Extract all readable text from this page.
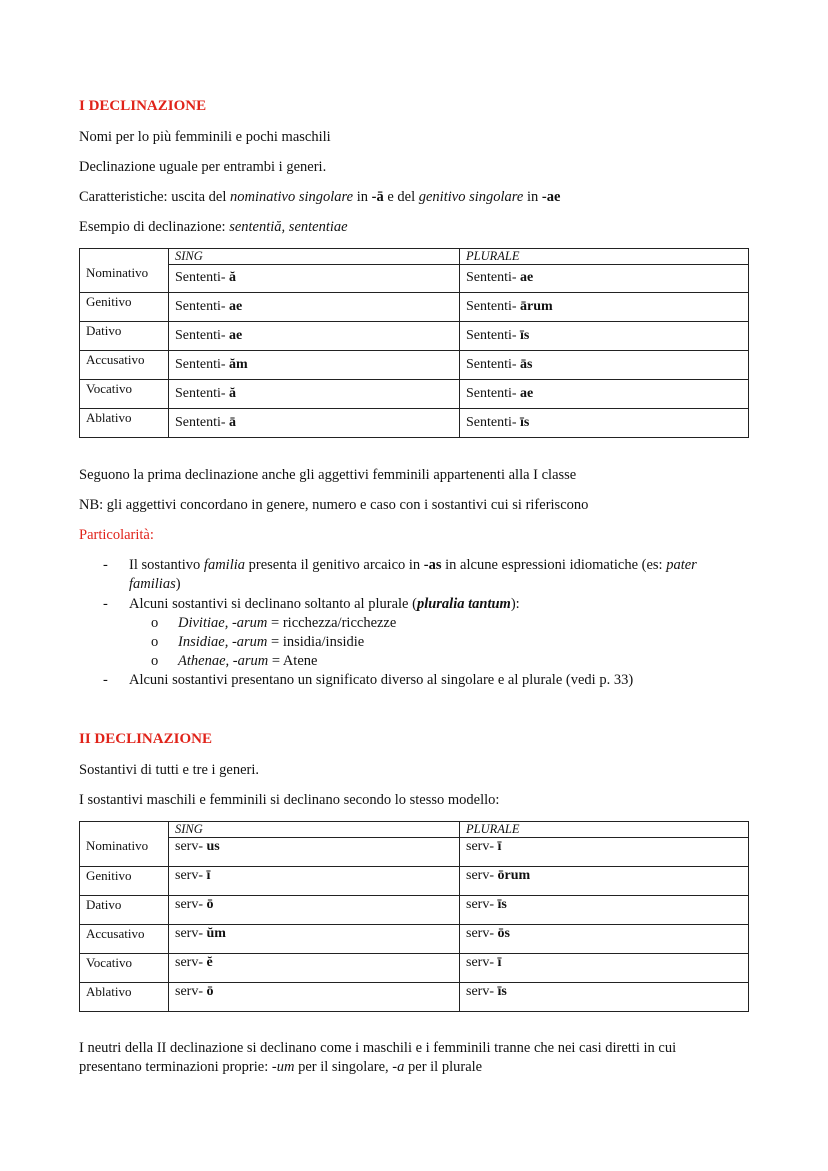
I DECLINAZIONE
Nomi per lo più femminili e pochi maschili
Declinazione uguale per entrambi i generi.
Caratteristiche: uscita del nominativo singolare in -ā e del genitivo singolare in -ae
Esempio di declinazione: sententiă, sententiae
	SING	PLURALE
Nominativo	Sententi- ă	Sententi- ae
Genitivo	Sententi- ae	Sententi- ārum
Dativo	Sententi- ae	Sententi- īs
Accusativo	Sententi- ăm	Sententi- ās
Vocativo	Sententi- ă	Sententi- ae
Ablativo	Sententi- ā	Sententi- īs
Seguono la prima declinazione anche gli aggettivi femminili appartenenti alla I classe
NB: gli aggettivi concordano in genere, numero e caso con i sostantivi cui si riferiscono
Particolarità:
- Il sostantivo familia presenta il genitivo arcaico in -as in alcune espressioni idiomatiche (es: pater
familias)
- Alcuni sostantivi si declinano soltanto al plurale (pluralia tantum):
o Divitiae, -arum = ricchezza/ricchezze
o Insidiae, -arum = insidia/insidie
o Athenae, -arum = Atene
- Alcuni sostantivi presentano un significato diverso al singolare e al plurale (vedi p. 33)
II DECLINAZIONE
Sostantivi di tutti e tre i generi.
I sostantivi maschili e femminili si declinano secondo lo stesso modello:
	SING	PLURALE
Nominativo	serv- us	serv- ī
Genitivo	serv- ī	serv- ōrum
Dativo	serv- ō	serv- īs
Accusativo	serv- ŭm	serv- ōs
Vocativo	serv- ĕ	serv- ī
Ablativo	serv- ō	serv- īs
I neutri della II declinazione si declinano come i maschili e i femminili tranne che nei casi diretti in cui
presentano terminazioni proprie: -um per il singolare, -a per il plurale
